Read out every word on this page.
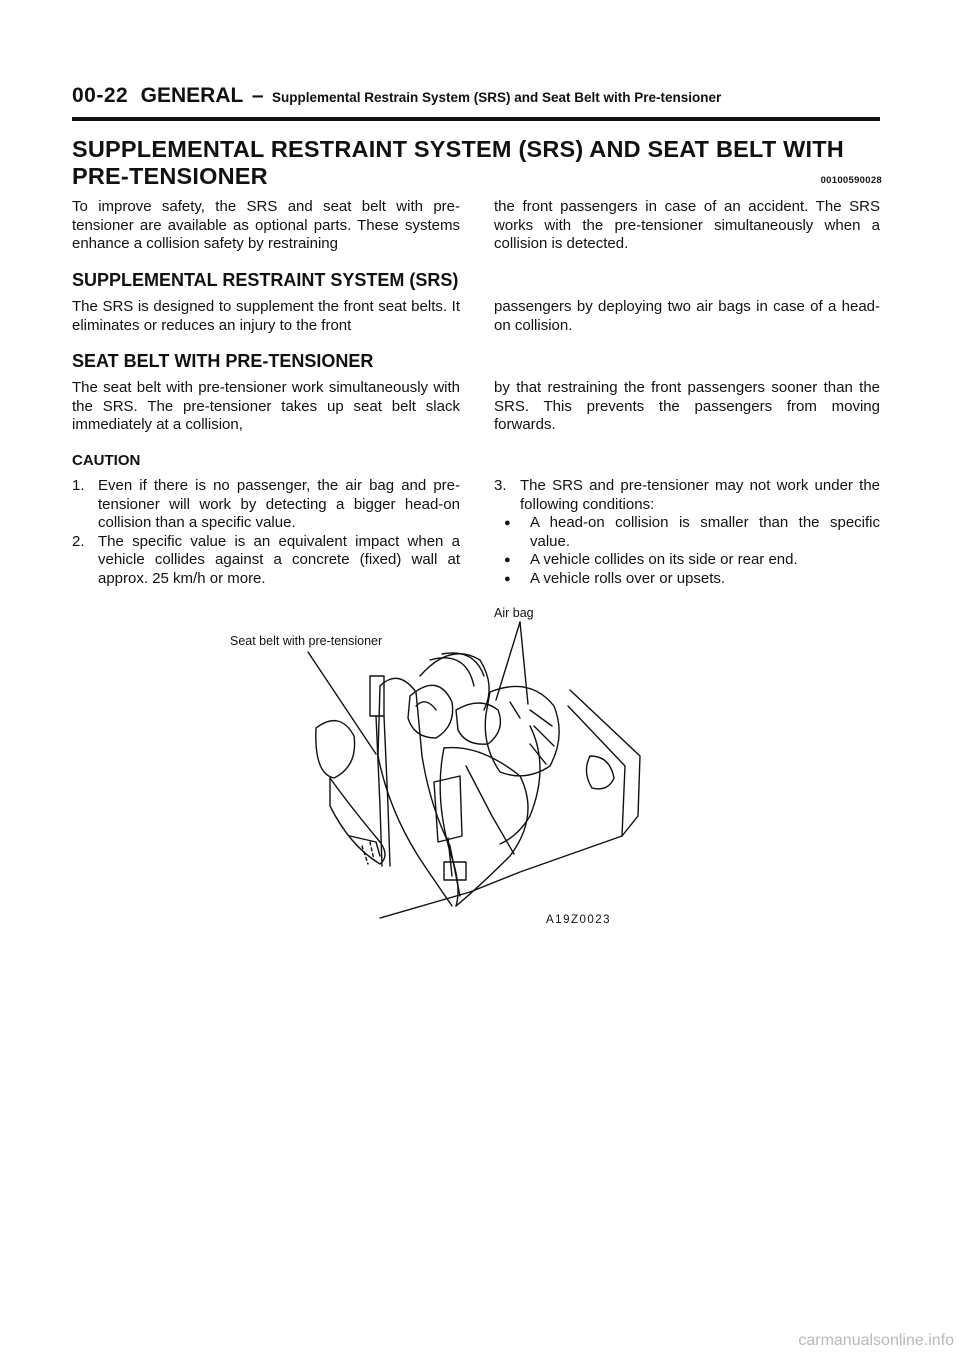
00-22 GENERAL – Supplemental Restrain System (SRS) and Seat Belt with Pre-tensioner
SUPPLEMENTAL RESTRAINT SYSTEM (SRS) AND SEAT BELT WITH
PRE-TENSIONER	00100590028
To improve safety, the SRS and seat belt with pre-tensioner are available as optional parts. These systems enhance a collision safety by restraining
the front passengers in case of an accident. The SRS works with the pre-tensioner simultaneously when a collision is detected.
SUPPLEMENTAL RESTRAINT SYSTEM (SRS)
The SRS is designed to supplement the front seat belts. It eliminates or reduces an injury to the front
passengers by deploying two air bags in case of a head-on collision.
SEAT BELT WITH PRE-TENSIONER
The seat belt with pre-tensioner work simultaneously with the SRS. The pre-tensioner takes up seat belt slack immediately at a collision,
by that restraining the front passengers sooner than the SRS. This prevents the passengers from moving forwards.
CAUTION
1. Even if there is no passenger, the air bag and pre-tensioner will work by detecting a bigger head-on collision than a specific value.
2. The specific value is an equivalent impact when a vehicle collides against a concrete (fixed) wall at approx. 25 km/h or more.
3. The SRS and pre-tensioner may not work under the following conditions:
● A head-on collision is smaller than the specific value.
● A vehicle collides on its side or rear end.
● A vehicle rolls over or upsets.
Air bag
Seat belt with pre-tensioner
A19Z0023
carmanualsonline.info
